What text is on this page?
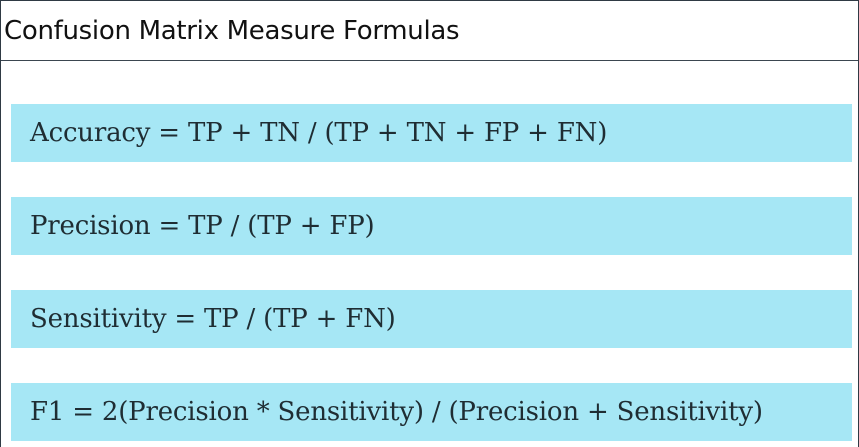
Confusion Matrix Measure Formulas
Accuracy = TP + TN / (TP + TN + FP + FN)
Precision = TP / (TP + FP)
Sensitivity = TP / (TP + FN)
F1 = 2(Precision * Sensitivity) / (Precision + Sensitivity)
